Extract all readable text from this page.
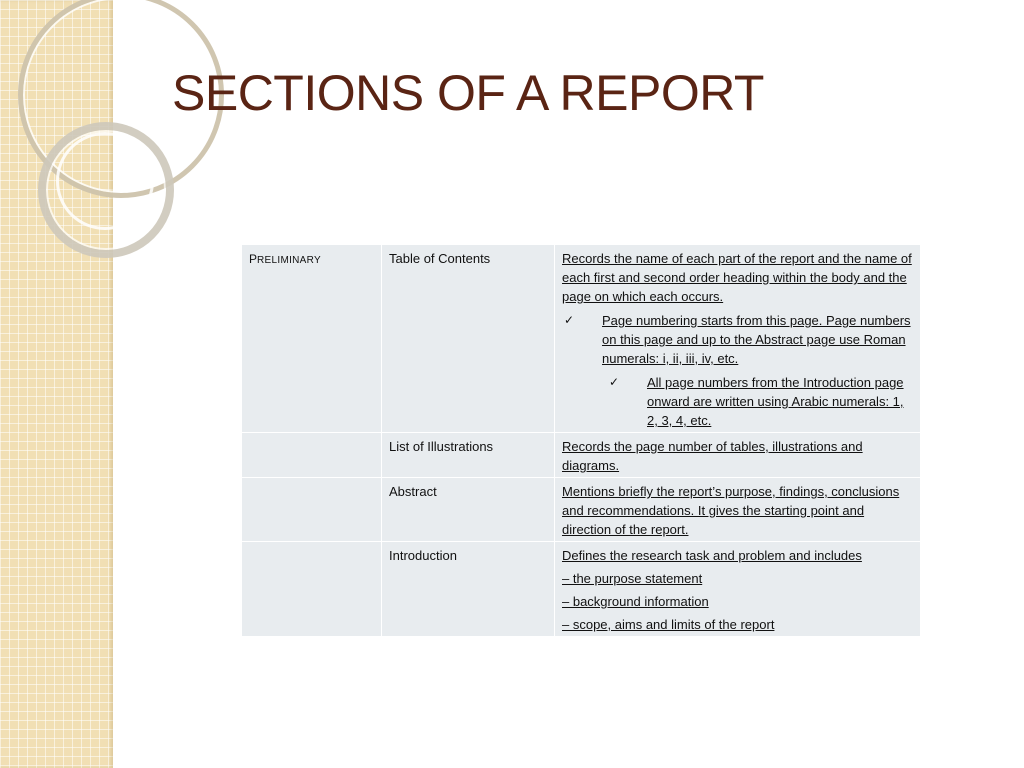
SECTIONS OF A REPORT
PRELIMINARY	Table of Contents	Records the name of each part of the report and the name of each first and second order heading within the body and the page on which each occurs.
✓ Page numbering starts from this page. Page numbers on this page and up to the Abstract page use Roman numerals: i, ii, iii, iv, etc.
✓ All page numbers from the Introduction page onward are written using Arabic numerals: 1, 2, 3, 4, etc.

	List of Illustrations	Records the page number of tables, illustrations and diagrams.

	Abstract	Mentions briefly the report’s purpose, findings, conclusions and recommendations. It gives the starting point and direction of the report.

	Introduction	Defines the research task and problem and includes
– the purpose statement
– background information
– scope, aims and limits of the report
